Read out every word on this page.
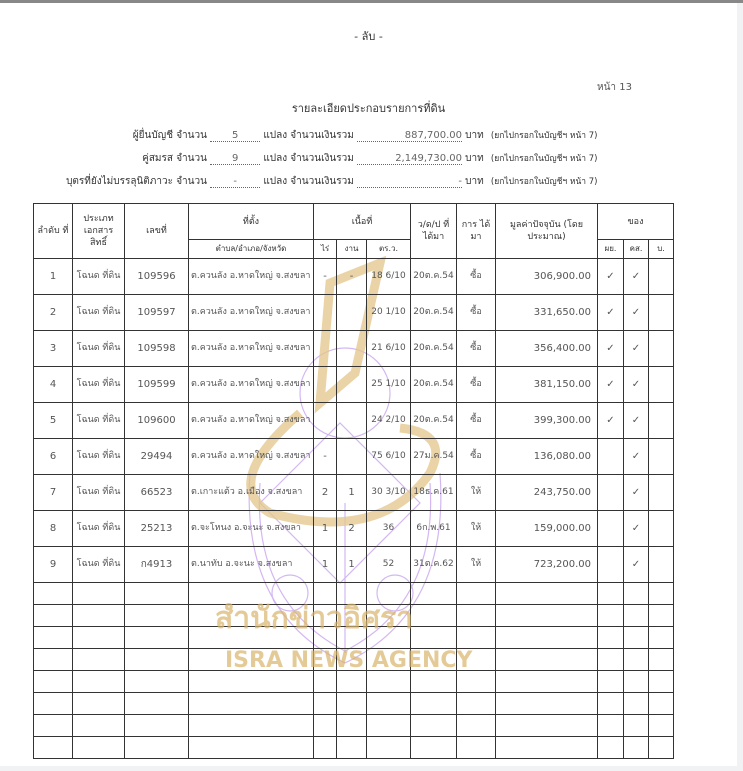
- ลับ -
หน้า 13
รายละเอียดประกอบรายการที่ดิน
ผู้ยื่นบัญชี จำนวน	5	แปลง จำนวนเงินรวม	887,700.00 บาท (ยกไปกรอกในบัญชีฯ หน้า 7)
คู่สมรส จำนวน	9	แปลง จำนวนเงินรวม	2,149,730.00 บาท (ยกไปกรอกในบัญชีฯ หน้า 7)
บุตรที่ยังไม่บรรลุนิติภาวะ จำนวน	-	แปลง จำนวนเงินรวม	- บาท (ยกไปกรอกในบัญชีฯ หน้า 7)
ลำดับ ที่	ประเภท เอกสาร สิทธิ์	เลขที่	ที่ตั้ง	เนื้อที่			ว/ด/ป ที่ได้มา	การ ได้มา	มูลค่าปัจจุบัน (โดยประมาณ)	ของ		
			ตำบล/อำเภอ/จังหวัด	ไร่	งาน	ตร.ว.				ผย.	คส.	บ.
1	โฉนด ที่ดิน	109596	ต.ควนลัง อ.หาดใหญ่ จ.สงขลา	-	-	18 6/10	20ต.ค.54	ซื้อ	306,900.00	✓	✓	
2	โฉนด ที่ดิน	109597	ต.ควนลัง อ.หาดใหญ่ จ.สงขลา			20 1/10	20ต.ค.54	ซื้อ	331,650.00	✓	✓	
3	โฉนด ที่ดิน	109598	ต.ควนลัง อ.หาดใหญ่ จ.สงขลา			21 6/10	20ต.ค.54	ซื้อ	356,400.00	✓	✓	
4	โฉนด ที่ดิน	109599	ต.ควนลัง อ.หาดใหญ่ จ.สงขลา			25 1/10	20ต.ค.54	ซื้อ	381,150.00	✓	✓	
5	โฉนด ที่ดิน	109600	ต.ควนลัง อ.หาดใหญ่ จ.สงขลา			24 2/10	20ต.ค.54	ซื้อ	399,300.00	✓	✓	
6	โฉนด ที่ดิน	29494	ต.ควนลัง อ.หาดใหญ่ จ.สงขลา	-		75 6/10	27ม.ค.54	ซื้อ	136,080.00		✓	
7	โฉนด ที่ดิน	66523	ต.เกาะแต้ว อ.เมือง จ.สงขลา	2	1	30 3/10	18ธ.ค.61	ให้	243,750.00		✓	
8	โฉนด ที่ดิน	25213	ต.จะโหนง อ.จะนะ จ.สงขลา	1	2	36	6ก.พ.61	ให้	159,000.00		✓	
9	โฉนด ที่ดิน	ก4913	ต.นาทับ อ.จะนะ จ.สงขลา	1	1	52	31ต.ค.62	ให้	723,200.00		✓	

สำนักข่าวอิศรา
ISRA NEWS AGENCY
